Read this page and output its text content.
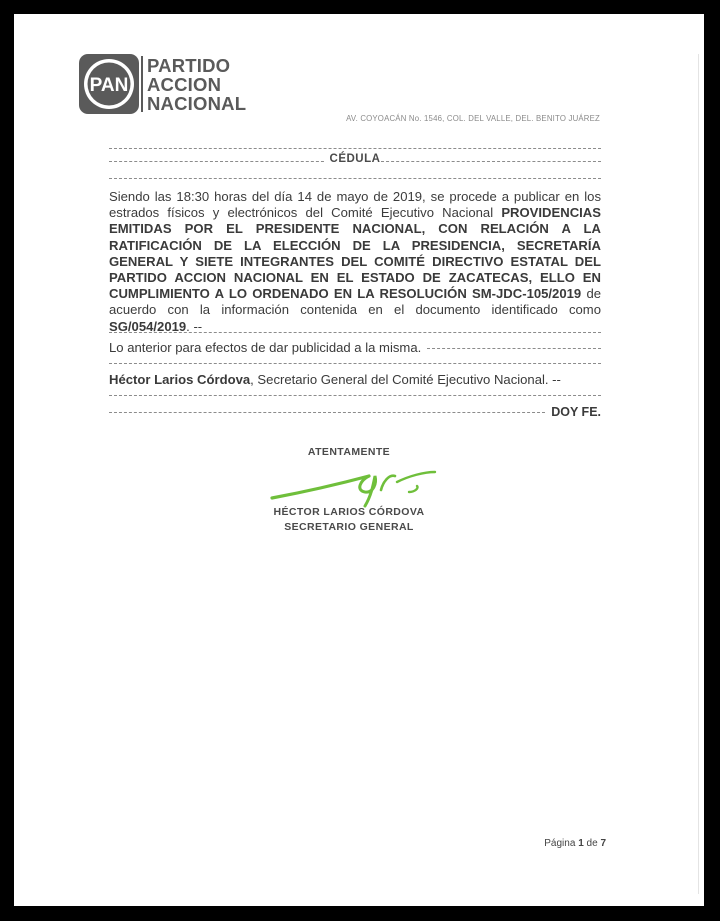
PAN
PARTIDO
ACCION
NACIONAL
AV. COYOACÁN No. 1546, COL. DEL VALLE, DEL. BENITO JUÁREZ
CÉDULA
Siendo las 18:30 horas del día 14 de mayo de 2019, se procede a publicar en los estrados físicos y electrónicos del Comité Ejecutivo Nacional PROVIDENCIAS EMITIDAS POR EL PRESIDENTE NACIONAL, CON RELACIÓN A LA RATIFICACIÓN DE LA ELECCIÓN DE LA PRESIDENCIA, SECRETARÍA GENERAL Y SIETE INTEGRANTES DEL COMITÉ DIRECTIVO ESTATAL DEL PARTIDO ACCION NACIONAL EN EL ESTADO DE ZACATECAS, ELLO EN CUMPLIMIENTO A LO ORDENADO EN LA RESOLUCIÓN SM-JDC-105/2019 de acuerdo con la información contenida en el documento identificado como SG/054/2019. --
Lo anterior para efectos de dar publicidad a la misma.
Héctor Larios Córdova , Secretario General del Comité Ejecutivo Nacional. --
DOY FE.
ATENTAMENTE
HÉCTOR LARIOS CÓRDOVA
SECRETARIO GENERAL
Página 1 de 7
